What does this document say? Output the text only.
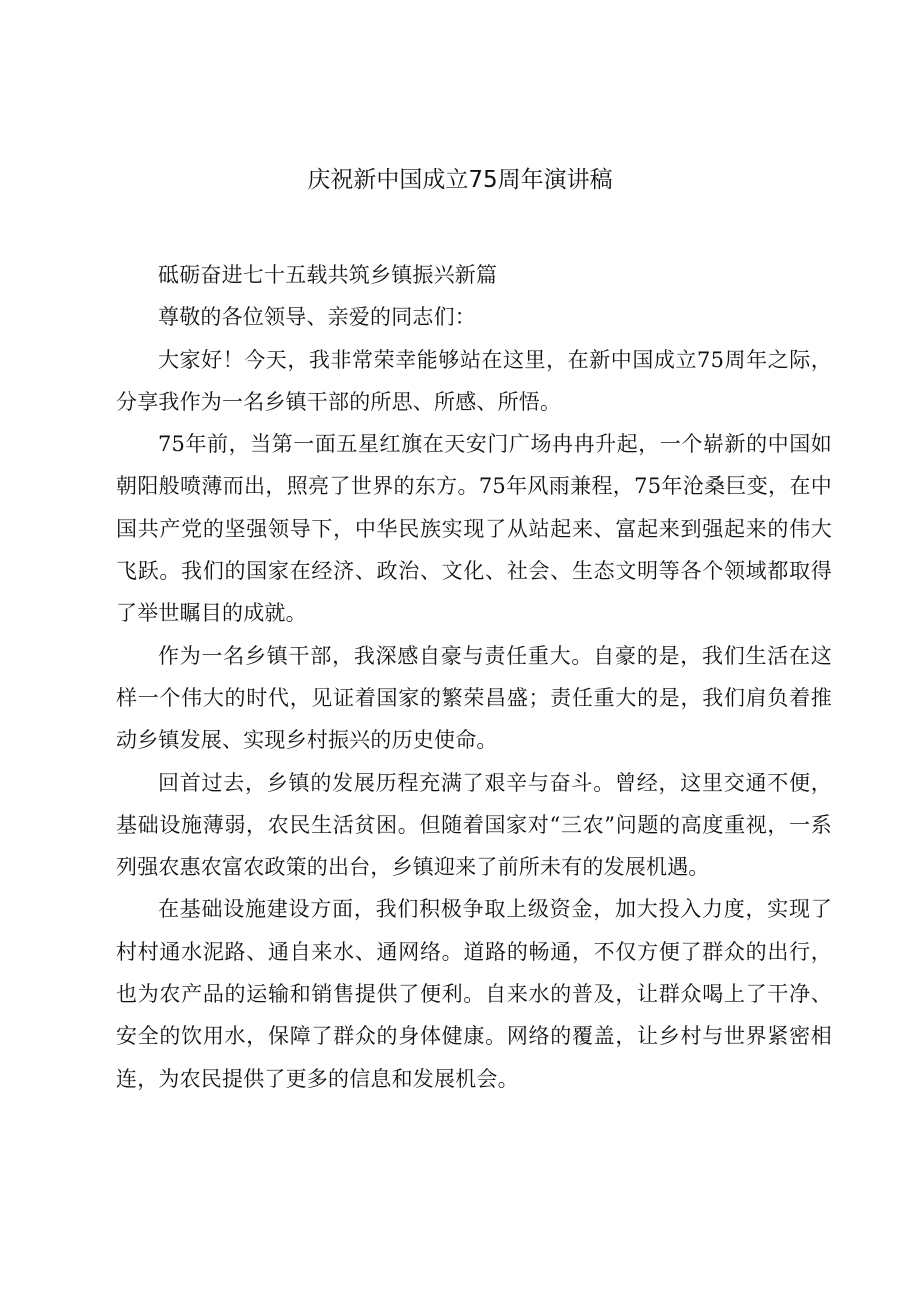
庆祝新中国成立75周年演讲稿

砥砺奋进七十五载共筑乡镇振兴新篇

尊敬的各位领导、亲爱的同志们：

大家好！今天，我非常荣幸能够站在这里，在新中国成立75周年之际，分享我作为一名乡镇干部的所思、所感、所悟。

75年前，当第一面五星红旗在天安门广场冉冉升起，一个崭新的中国如朝阳般喷薄而出，照亮了世界的东方。75年风雨兼程，75年沧桑巨变，在中国共产党的坚强领导下，中华民族实现了从站起来、富起来到强起来的伟大飞跃。我们的国家在经济、政治、文化、社会、生态文明等各个领域都取得了举世瞩目的成就。

作为一名乡镇干部，我深感自豪与责任重大。自豪的是，我们生活在这样一个伟大的时代，见证着国家的繁荣昌盛；责任重大的是，我们肩负着推动乡镇发展、实现乡村振兴的历史使命。

回首过去，乡镇的发展历程充满了艰辛与奋斗。曾经，这里交通不便，基础设施薄弱，农民生活贫困。但随着国家对“三农”问题的高度重视，一系列强农惠农富农政策的出台，乡镇迎来了前所未有的发展机遇。

在基础设施建设方面，我们积极争取上级资金，加大投入力度，实现了村村通水泥路、通自来水、通网络。道路的畅通，不仅方便了群众的出行，也为农产品的运输和销售提供了便利。自来水的普及，让群众喝上了干净、安全的饮用水，保障了群众的身体健康。网络的覆盖，让乡村与世界紧密相连，为农民提供了更多的信息和发展机会。
